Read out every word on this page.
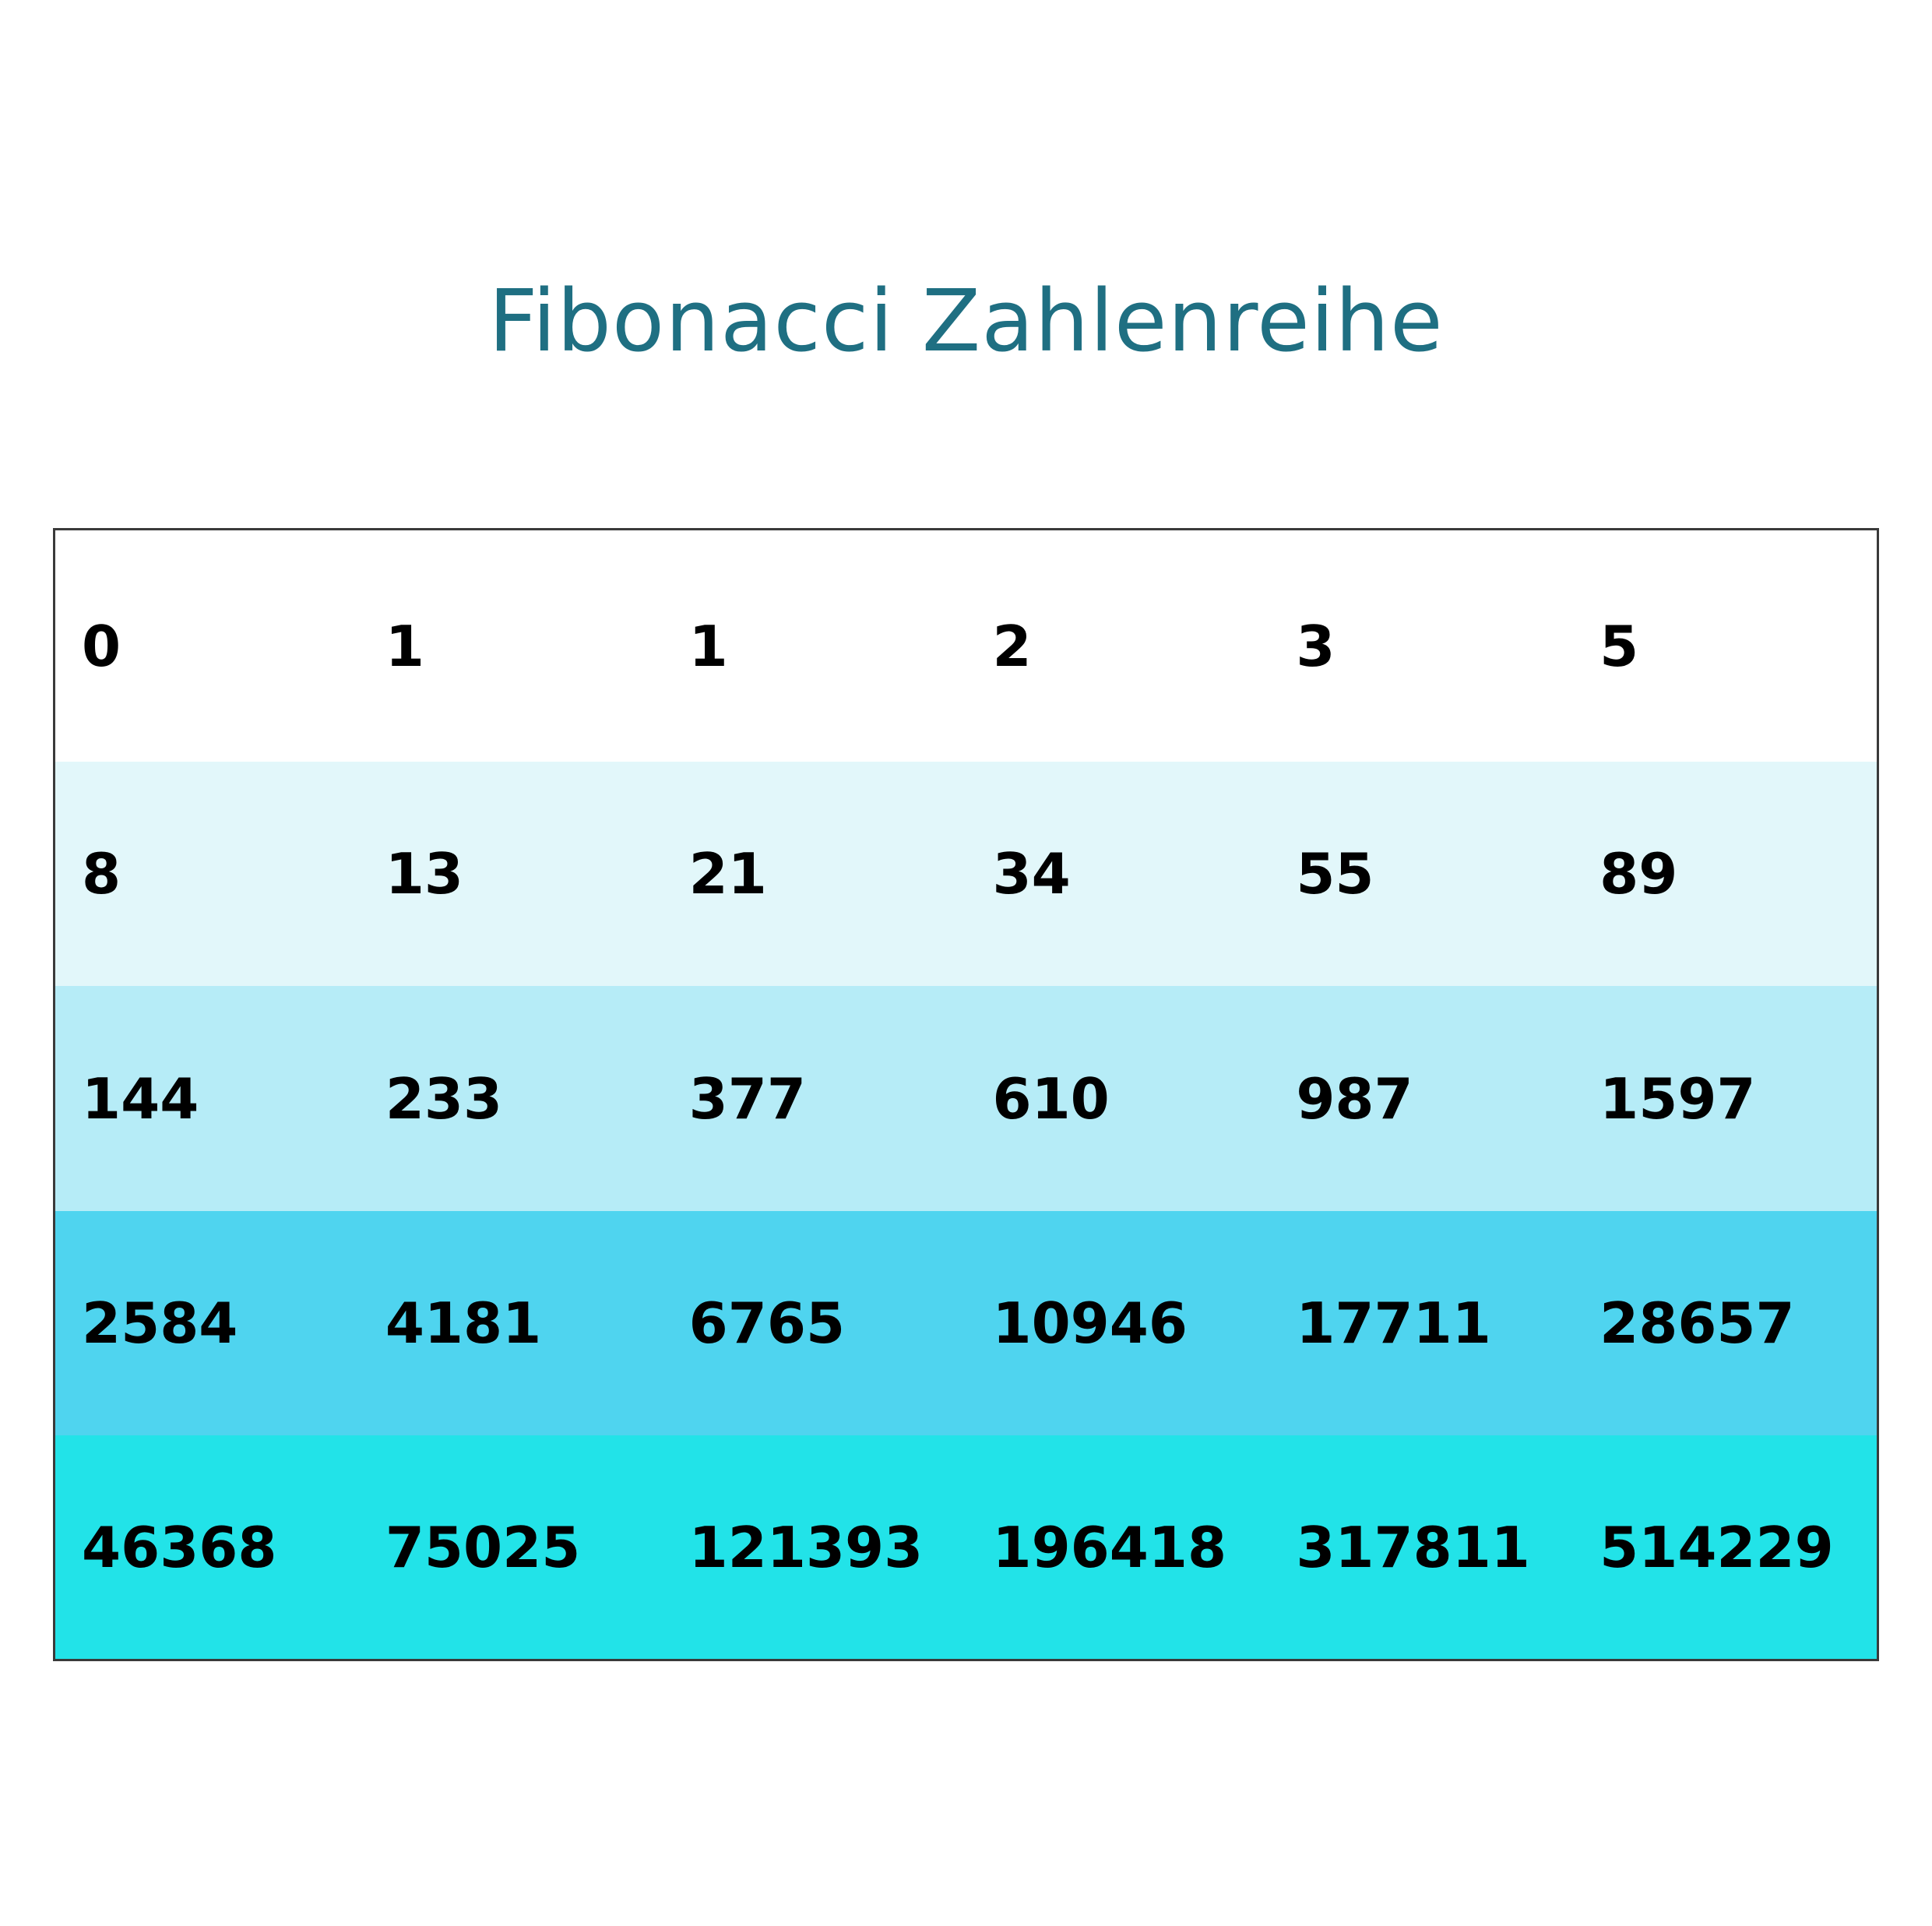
Fibonacci Zahlenreihe
0	1	1	2	3	5
8	13	21	34	55	89
144	233	377	610	987	1597
2584	4181	6765	10946	17711	28657
46368	75025	121393	196418	317811	514229
